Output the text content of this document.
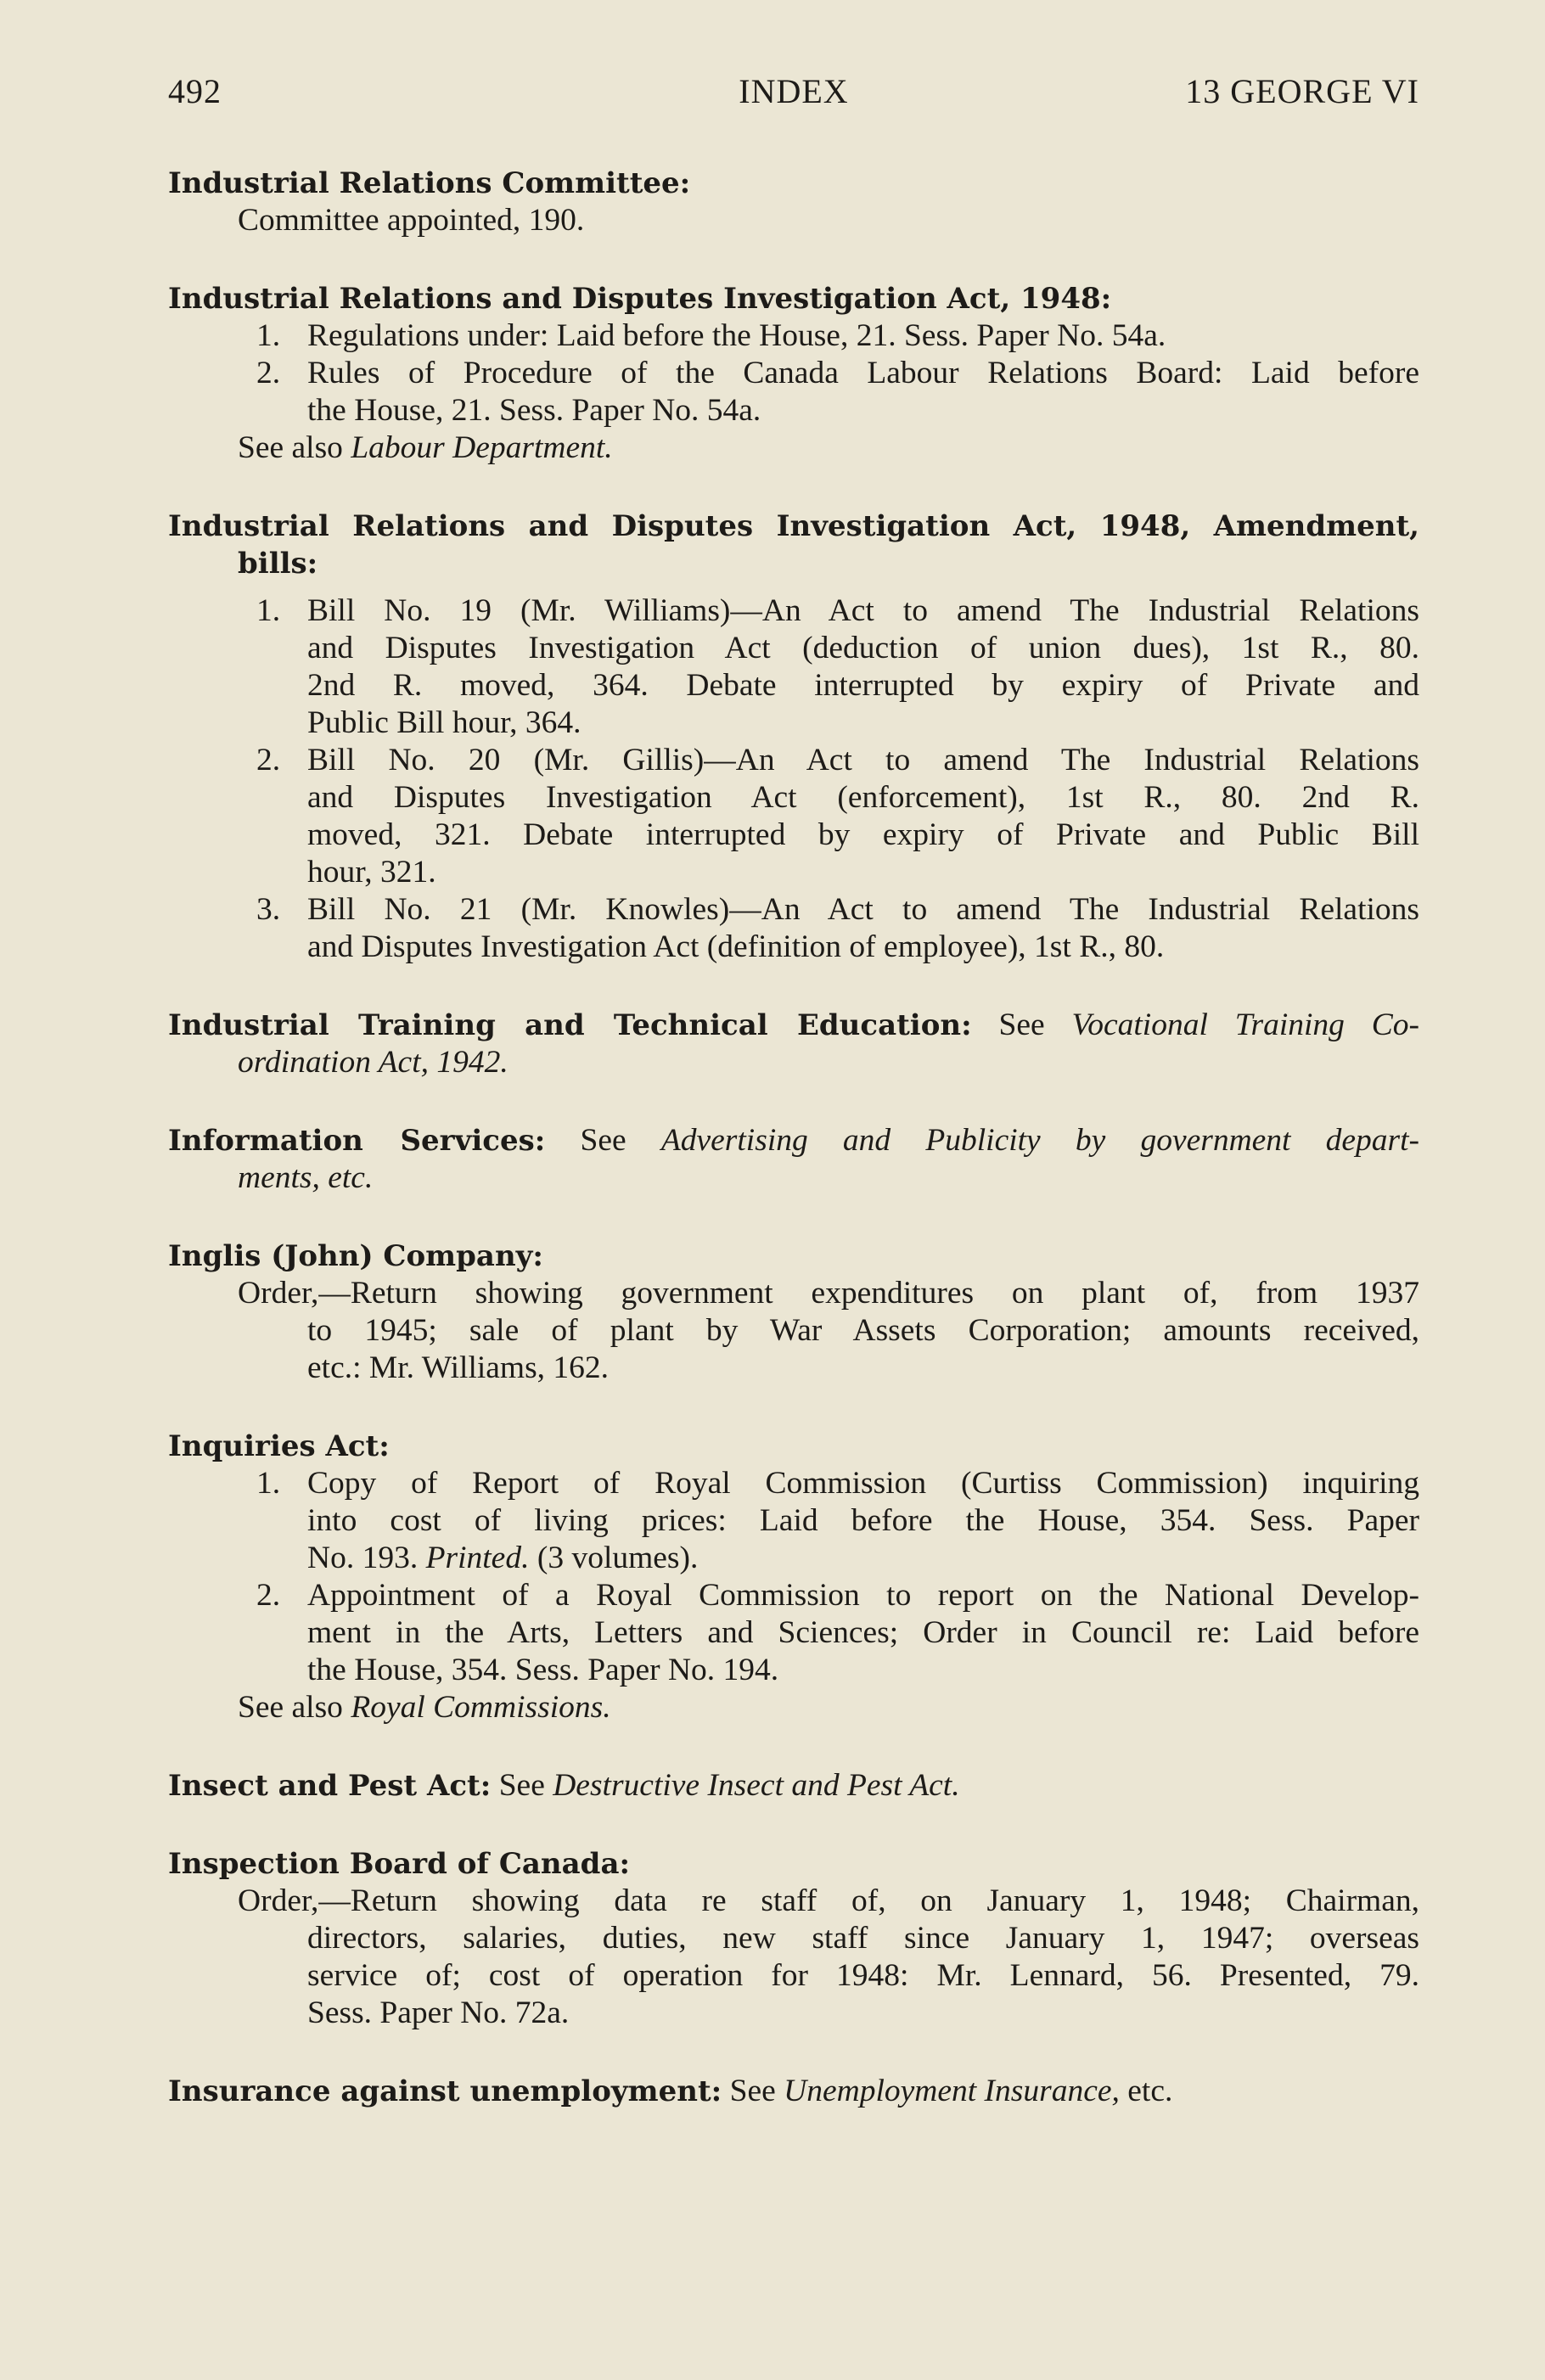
492	INDEX	13 GEORGE VI
Industrial Relations Committee:
Committee appointed, 190.
Industrial Relations and Disputes Investigation Act, 1948:
1. Regulations under: Laid before the House, 21. Sess. Paper No. 54a.
2. Rules of Procedure of the Canada Labour Relations Board: Laid before
the House, 21. Sess. Paper No. 54a.
See also Labour Department.
Industrial Relations and Disputes Investigation Act, 1948, Amendment,
bills:
1. Bill No. 19 (Mr. Williams)—An Act to amend The Industrial Relations
and Disputes Investigation Act (deduction of union dues), 1st R., 80.
2nd R. moved, 364. Debate interrupted by expiry of Private and
Public Bill hour, 364.
2. Bill No. 20 (Mr. Gillis)—An Act to amend The Industrial Relations
and Disputes Investigation Act (enforcement), 1st R., 80. 2nd R.
moved, 321. Debate interrupted by expiry of Private and Public Bill
hour, 321.
3. Bill No. 21 (Mr. Knowles)—An Act to amend The Industrial Relations
and Disputes Investigation Act (definition of employee), 1st R., 80.
Industrial Training and Technical Education: See Vocational Training Co-
ordination Act, 1942.
Information Services: See Advertising and Publicity by government depart-
ments, etc.
Inglis (John) Company:
Order,—Return showing government expenditures on plant of, from 1937
to 1945; sale of plant by War Assets Corporation; amounts received,
etc.: Mr. Williams, 162.
Inquiries Act:
1. Copy of Report of Royal Commission (Curtiss Commission) inquiring
into cost of living prices: Laid before the House, 354. Sess. Paper
No. 193. Printed. (3 volumes).
2. Appointment of a Royal Commission to report on the National Develop-
ment in the Arts, Letters and Sciences; Order in Council re: Laid before
the House, 354. Sess. Paper No. 194.
See also Royal Commissions.
Insect and Pest Act: See Destructive Insect and Pest Act.
Inspection Board of Canada:
Order,—Return showing data re staff of, on January 1, 1948; Chairman,
directors, salaries, duties, new staff since January 1, 1947; overseas
service of; cost of operation for 1948: Mr. Lennard, 56. Presented, 79.
Sess. Paper No. 72a.
Insurance against unemployment: See Unemployment Insurance, etc.
